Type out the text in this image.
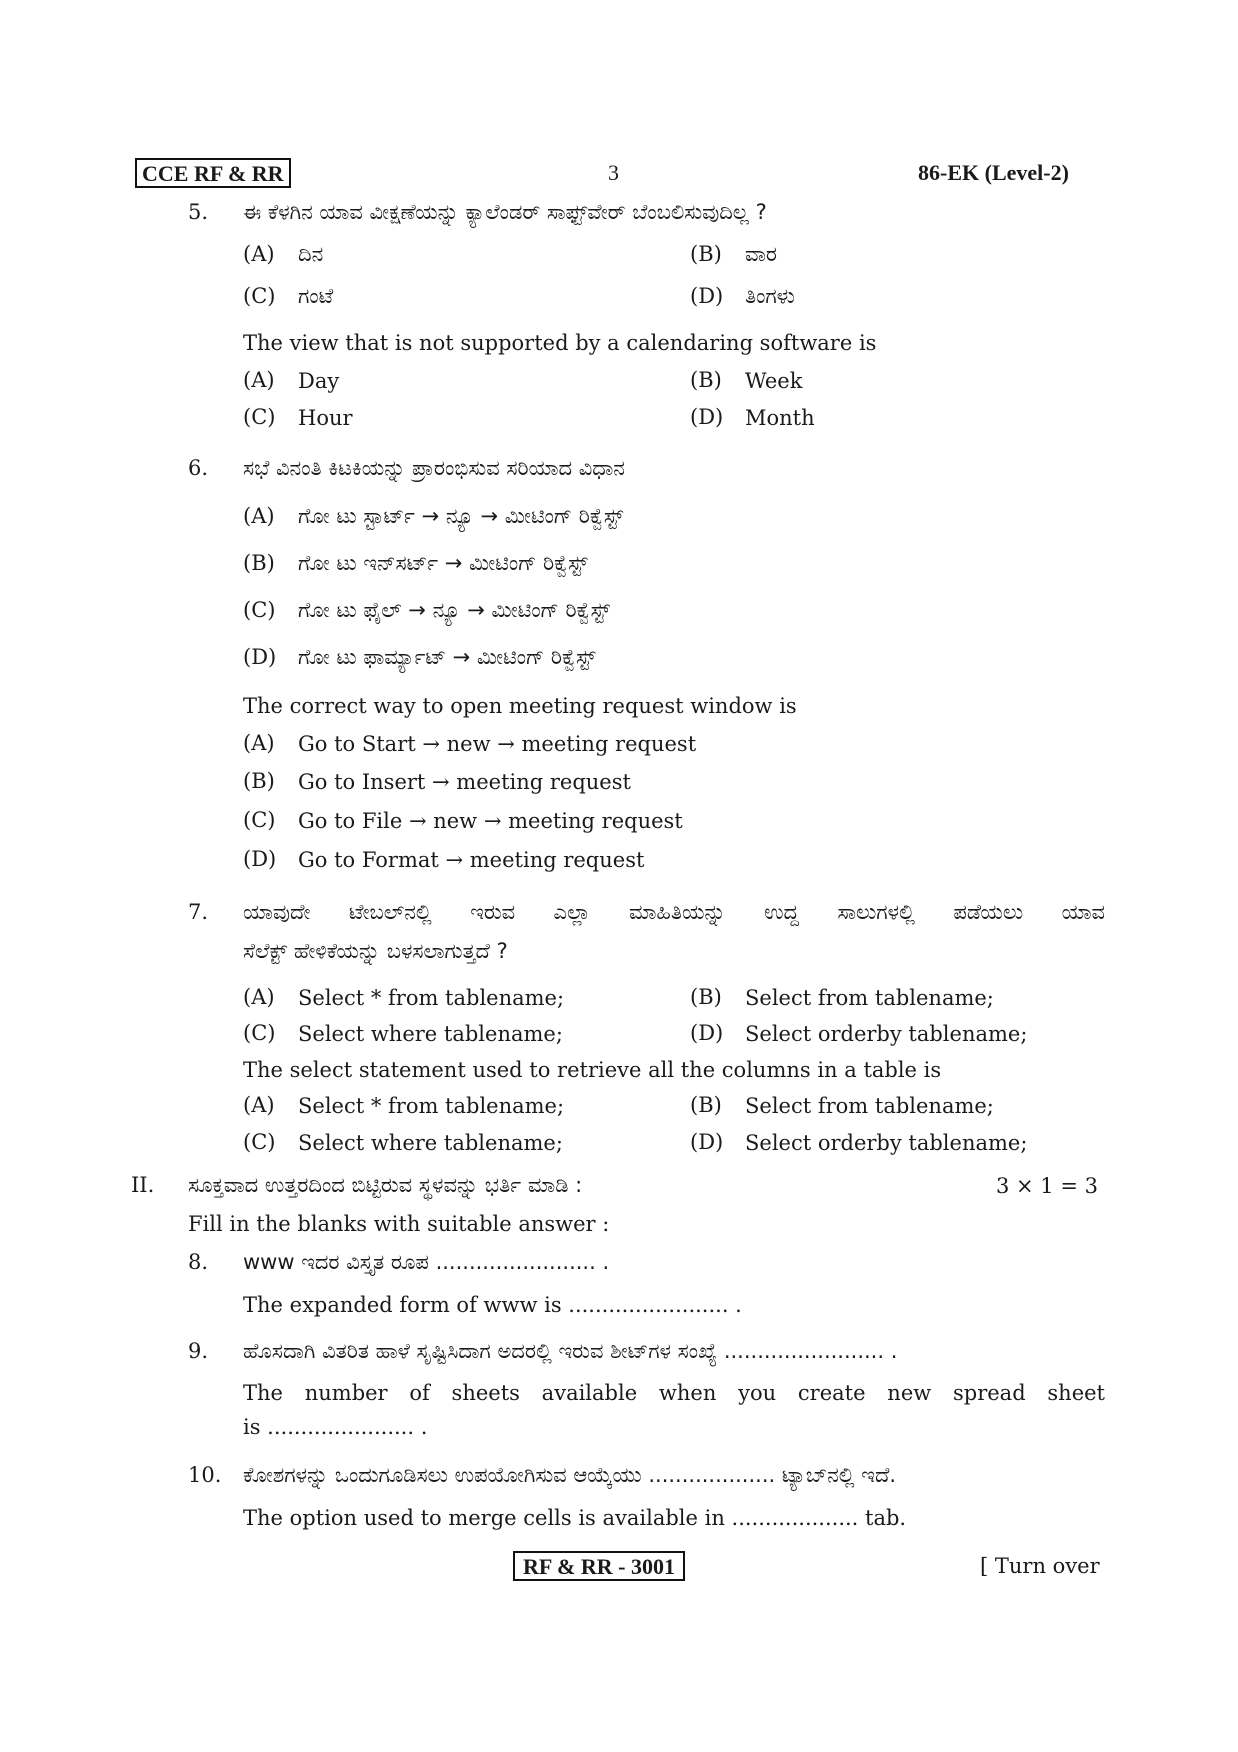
CCE RF & RR	3	86-EK (Level-2)
5. ಈ ಕೆಳಗಿನ ಯಾವ ವೀಕ್ಷಣೆಯನ್ನು ಕ್ಯಾಲೆಂಡರ್ ಸಾಫ್ಟ್‌ವೇರ್ ಬೆಂಬಲಿಸುವುದಿಲ್ಲ ?
(A) ದಿನ	(B) ವಾರ
(C) ಗಂಟೆ	(D) ತಿಂಗಳು
The view that is not supported by a calendaring software is
(A) Day	(B) Week
(C) Hour	(D) Month
6. ಸಭೆ ವಿನಂತಿ ಕಿಟಕಿಯನ್ನು ಪ್ರಾರಂಭಿಸುವ ಸರಿಯಾದ ವಿಧಾನ
(A) ಗೋ ಟು ಸ್ಟಾರ್ಟ್ → ನ್ಯೂ → ಮೀಟಿಂಗ್ ರಿಕ್ವೆಸ್ಟ್
(B) ಗೋ ಟು ಇನ್‌ಸರ್ಟ್ → ಮೀಟಿಂಗ್ ರಿಕ್ವೆಸ್ಟ್
(C) ಗೋ ಟು ಫೈಲ್ → ನ್ಯೂ → ಮೀಟಿಂಗ್ ರಿಕ್ವೆಸ್ಟ್
(D) ಗೋ ಟು ಫಾರ್ಮ್ಯಾಟ್ → ಮೀಟಿಂಗ್ ರಿಕ್ವೆಸ್ಟ್
The correct way to open meeting request window is
(A) Go to Start → new → meeting request
(B) Go to Insert → meeting request
(C) Go to File → new → meeting request
(D) Go to Format → meeting request
7. ಯಾವುದೇ ಟೇಬಲ್‌ನಲ್ಲಿ ಇರುವ ಎಲ್ಲಾ ಮಾಹಿತಿಯನ್ನು ಉದ್ದ ಸಾಲುಗಳಲ್ಲಿ ಪಡೆಯಲು ಯಾವ
ಸೆಲೆಕ್ಟ್ ಹೇಳಿಕೆಯನ್ನು ಬಳಸಲಾಗುತ್ತದೆ ?
(A) Select * from tablename;	(B) Select from tablename;
(C) Select where tablename;	(D) Select orderby tablename;
The select statement used to retrieve all the columns in a table is
(A) Select * from tablename;	(B) Select from tablename;
(C) Select where tablename;	(D) Select orderby tablename;
II. ಸೂಕ್ತವಾದ ಉತ್ತರದಿಂದ ಬಿಟ್ಟಿರುವ ಸ್ಥಳವನ್ನು ಭರ್ತಿ ಮಾಡಿ :	3 × 1 = 3
Fill in the blanks with suitable answer :
8. www ಇದರ ವಿಸ್ತೃತ ರೂಪ ........................ .
The expanded form of www is ........................ .
9. ಹೊಸದಾಗಿ ವಿತರಿತ ಹಾಳೆ ಸೃಷ್ಟಿಸಿದಾಗ ಅದರಲ್ಲಿ ಇರುವ ಶೀಟ್‌ಗಳ ಸಂಖ್ಯೆ ........................ .
The number of sheets available when you create new spread sheet
is ...................... .
10. ಕೋಶಗಳನ್ನು ಒಂದುಗೂಡಿಸಲು ಉಪಯೋಗಿಸುವ ಆಯ್ಕೆಯು ................... ಟ್ಯಾಬ್‌ನಲ್ಲಿ ಇದೆ.
The option used to merge cells is available in ................... tab.
RF & RR - 3001	[ Turn over
